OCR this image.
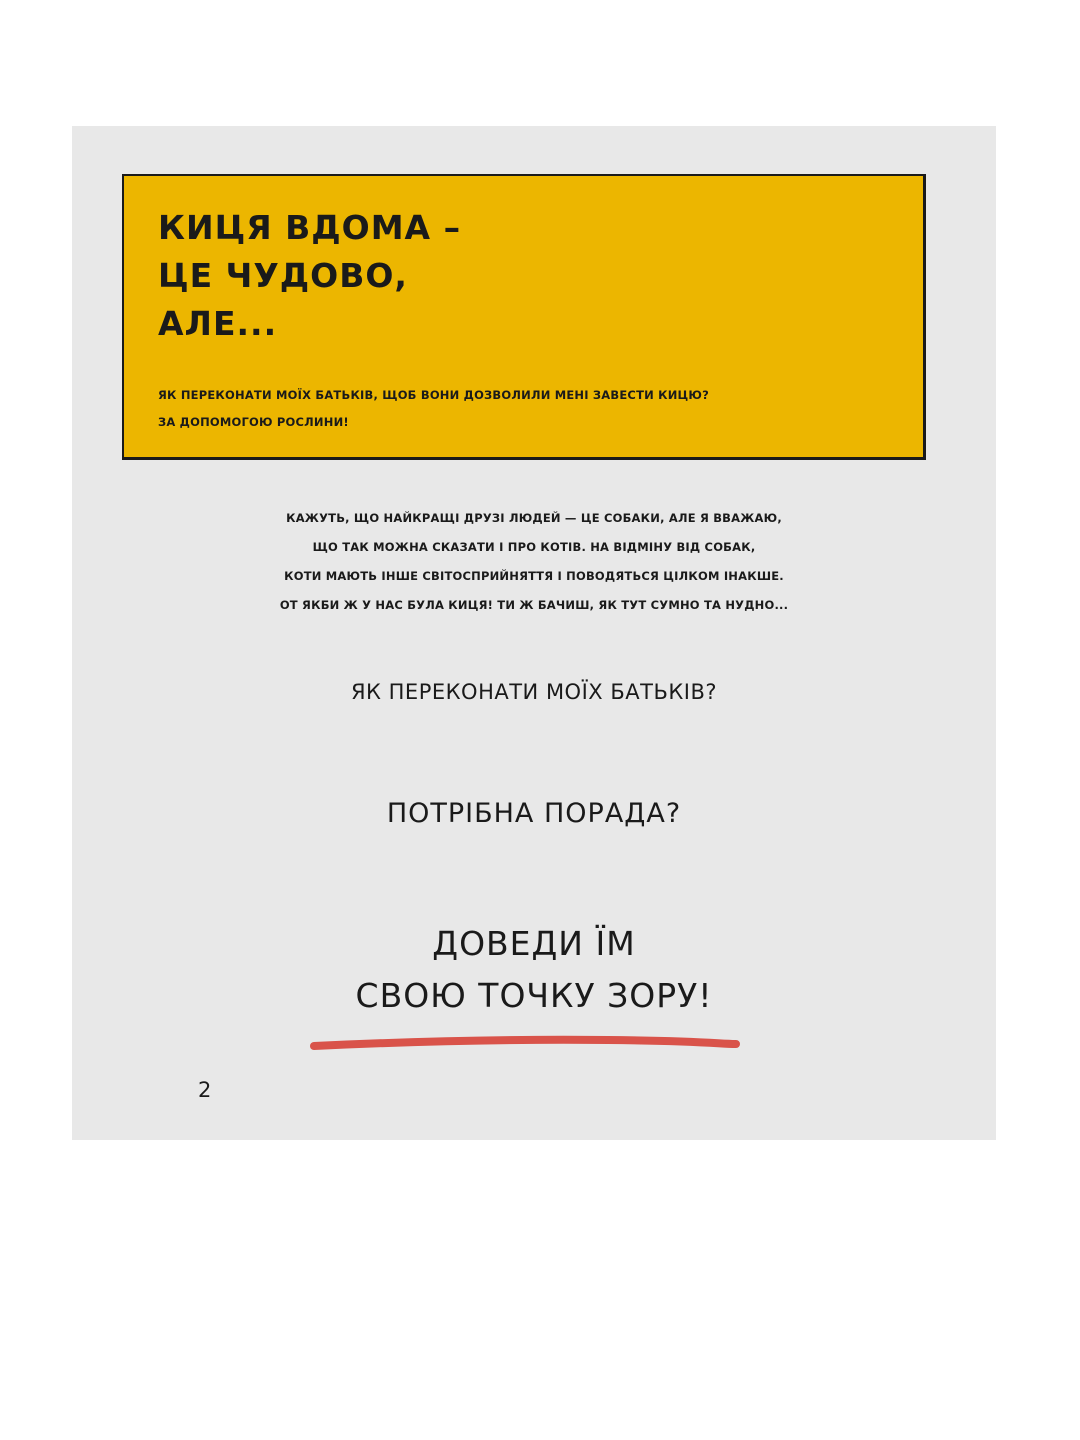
КИЦЯ ВДОМА –
ЦЕ ЧУДОВО,
АЛЕ...

ЯК ПЕРЕКОНАТИ МОЇХ БАТЬКІВ, ЩОБ ВОНИ ДОЗВОЛИЛИ МЕНІ ЗАВЕСТИ КИЦЮ?
ЗА ДОПОМОГОЮ РОСЛИНИ!

КАЖУТЬ, ЩО НАЙКРАЩІ ДРУЗІ ЛЮДЕЙ — ЦЕ СОБАКИ, АЛЕ Я ВВАЖАЮ,
ЩО ТАК МОЖНА СКАЗАТИ І ПРО КОТІВ. НА ВІДМІНУ ВІД СОБАК,
КОТИ МАЮТЬ ІНШЕ СВІТОСПРИЙНЯТТЯ І ПОВОДЯТЬСЯ ЦІЛКОМ ІНАКШЕ.
ОТ ЯКБИ Ж У НАС БУЛА КИЦЯ! ТИ Ж БАЧИШ, ЯК ТУТ СУМНО ТА НУДНО...
ЯК ПЕРЕКОНАТИ МОЇХ БАТЬКІВ?
ПОТРІБНА ПОРАДА?
ДОВЕДИ ЇМ
СВОЮ ТОЧКУ ЗОРУ!
2
